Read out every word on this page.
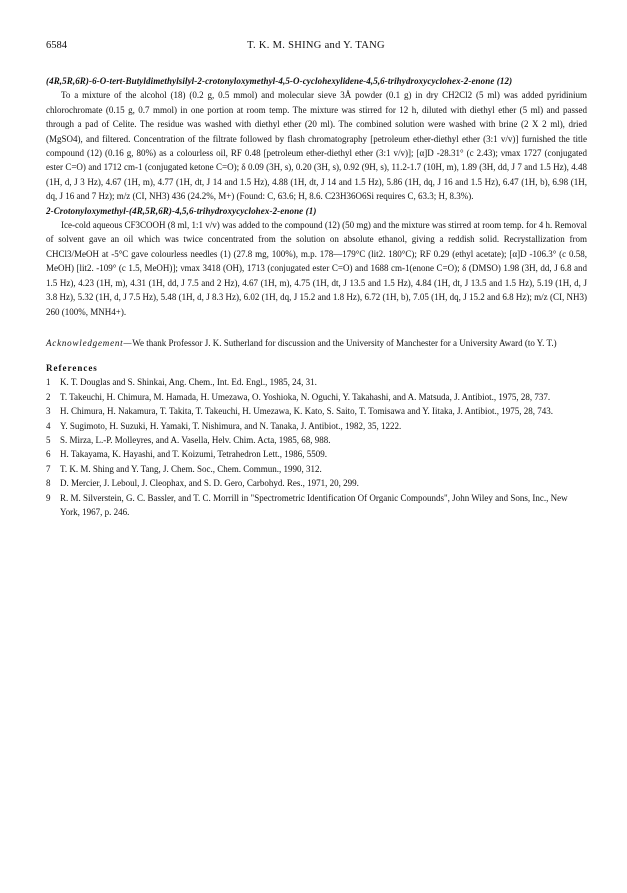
6584	T. K. M. SHING and Y. TANG

(4R,5R,6R)-6-O-tert-Butyldimethylsilyl-2-crotonyloxymethyl-4,5-O-cyclohexylidene-4,5,6-trihydroxycyclohex-2-enone (12)

To a mixture of the alcohol (18) (0.2 g, 0.5 mmol) and molecular sieve 3Å powder (0.1 g) in dry CH2Cl2 (5 ml) was added pyridinium chlorochromate (0.15 g, 0.7 mmol) in one portion at room temp. The mixture was stirred for 12 h, diluted with diethyl ether (5 ml) and passed through a pad of Celite. The residue was washed with diethyl ether (20 ml). The combined solution were washed with brine (2 X 2 ml), dried (MgSO4), and filtered. Concentration of the filtrate followed by flash chromatography [petroleum ether-diethyl ether (3:1 v/v)] furnished the title compound (12) (0.16 g, 80%) as a colourless oil, RF 0.48 [petroleum ether-diethyl ether (3:1 v/v)]; [α]D -28.31° (c 2.43); νmax 1727 (conjugated ester C=O) and 1712 cm-1 (conjugated ketone C=O); δ 0.09 (3H, s), 0.20 (3H, s), 0.92 (9H, s), 11.2-1.7 (10H, m), 1.89 (3H, dd, J 7 and 1.5 Hz), 4.48 (1H, d, J 3 Hz), 4.67 (1H, m), 4.77 (1H, dt, J 14 and 1.5 Hz), 4.88 (1H, dt, J 14 and 1.5 Hz), 5.86 (1H, dq, J 16 and 1.5 Hz), 6.47 (1H, b), 6.98 (1H, dq, J 16 and 7 Hz); m/z (CI, NH3) 436 (24.2%, M+) (Found: C, 63.6; H, 8.6. C23H36O6Si requires C, 63.3; H, 8.3%).

2-Crotonyloxymethyl-(4R,5R,6R)-4,5,6-trihydroxycyclohex-2-enone (1)

Ice-cold aqueous CF3COOH (8 ml, 1:1 v/v) was added to the compound (12) (50 mg) and the mixture was stirred at room temp. for 4 h. Removal of solvent gave an oil which was twice concentrated from the solution on absolute ethanol, giving a reddish solid. Recrystallization from CHCl3/MeOH at -5°C gave colourless needles (1) (27.8 mg, 100%), m.p. 178—179°C (lit2. 180°C); RF 0.29 (ethyl acetate); [α]D -106.3° (c 0.58, MeOH) [lit2. -109° (c 1.5, MeOH)]; νmax 3418 (OH), 1713 (conjugated ester C=O) and 1688 cm-1(enone C=O); δ (DMSO) 1.98 (3H, dd, J 6.8 and 1.5 Hz), 4.23 (1H, m), 4.31 (1H, dd, J 7.5 and 2 Hz), 4.67 (1H, m), 4.75 (1H, dt, J 13.5 and 1.5 Hz), 4.84 (1H, dt, J 13.5 and 1.5 Hz), 5.19 (1H, d, J 3.8 Hz), 5.32 (1H, d, J 7.5 Hz), 5.48 (1H, d, J 8.3 Hz), 6.02 (1H, dq, J 15.2 and 1.8 Hz), 6.72 (1H, b), 7.05 (1H, dq, J 15.2 and 6.8 Hz); m/z (CI, NH3) 260 (100%, MNH4+).

Acknowledgement—We thank Professor J. K. Sutherland for discussion and the University of Manchester for a University Award (to Y. T.)

References

1 K. T. Douglas and S. Shinkai, Ang. Chem., Int. Ed. Engl., 1985, 24, 31.
2 T. Takeuchi, H. Chimura, M. Hamada, H. Umezawa, O. Yoshioka, N. Oguchi, Y. Takahashi, and A. Matsuda, J. Antibiot., 1975, 28, 737.
3 H. Chimura, H. Nakamura, T. Takita, T. Takeuchi, H. Umezawa, K. Kato, S. Saito, T. Tomisawa and Y. Iitaka, J. Antibiot., 1975, 28, 743.
4 Y. Sugimoto, H. Suzuki, H. Yamaki, T. Nishimura, and N. Tanaka, J. Antibiot., 1982, 35, 1222.
5 S. Mirza, L.-P. Molleyres, and A. Vasella, Helv. Chim. Acta, 1985, 68, 988.
6 H. Takayama, K. Hayashi, and T. Koizumi, Tetrahedron Lett., 1986, 5509.
7 T. K. M. Shing and Y. Tang, J. Chem. Soc., Chem. Commun., 1990, 312.
8 D. Mercier, J. Leboul, J. Cleophax, and S. D. Gero, Carbohyd. Res., 1971, 20, 299.
9 R. M. Silverstein, G. C. Bassler, and T. C. Morrill in "Spectrometric Identification Of Organic Compounds", John Wiley and Sons, Inc., New York, 1967, p. 246.
